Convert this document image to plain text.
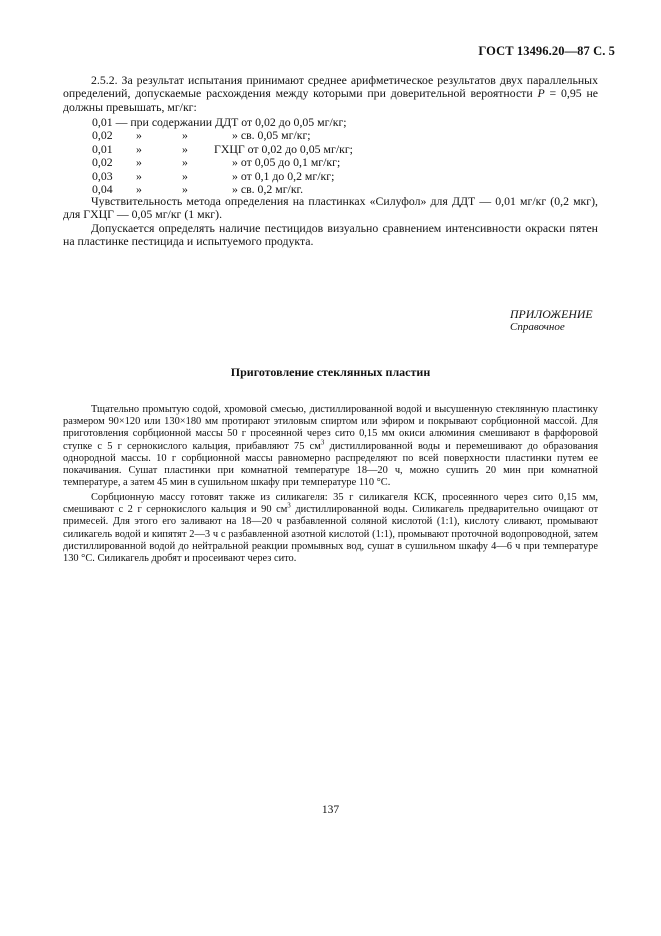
ГОСТ 13496.20—87 С. 5
2.5.2. За результат испытания принимают среднее арифметическое результатов двух параллельных определений, допускаемые расхождения между которыми при доверительной вероятности P = 0,95 не должны превышать, мг/кг:
0,01 — при содержании ДДТ от 0,02 до 0,05 мг/кг;
0,02 »	»	» св. 0,05 мг/кг;
0,01 »	» ГХЦГ от 0,02 до 0,05 мг/кг;
0,02 »	»	» от 0,05 до 0,1 мг/кг;
0,03 »	»	» от 0,1 до 0,2 мг/кг;
0,04 »	»	» св. 0,2 мг/кг.
Чувствительность метода определения на пластинках «Силуфол» для ДДТ — 0,01 мг/кг (0,2 мкг), для ГХЦГ — 0,05 мг/кг (1 мкг).
Допускается определять наличие пестицидов визуально сравнением интенсивности окраски пятен на пластинке пестицида и испытуемого продукта.
ПРИЛОЖЕНИЕ
Справочное
Приготовление стеклянных пластин
Тщательно промытую содой, хромовой смесью, дистиллированной водой и высушенную стеклянную пластинку размером 90×120 или 130×180 мм протирают этиловым спиртом или эфиром и покрывают сорбционной массой. Для приготовления сорбционной массы 50 г просеянной через сито 0,15 мм окиси алюминия смешивают в фарфоровой ступке с 5 г сернокислого кальция, прибавляют 75 $см^3$ дистиллированной воды и перемешивают до образования однородной массы. 10 г сорбционной массы равномерно распределяют по всей поверхности пластинки путем ее покачивания. Сушат пластинки при комнатной температуре 18—20 ч, можно сушить 20 мин при комнатной температуре, а затем 45 мин в сушильном шкафу при температуре 110 °С.
Сорбционную массу готовят также из силикагеля: 35 г силикагеля КСК, просеянного через сито 0,15 мм, смешивают с 2 г сернокислого кальция и 90 $см^3$ дистиллированной воды. Силикагель предварительно очищают от примесей. Для этого его заливают на 18—20 ч разбавленной соляной кислотой (1:1), кислоту сливают, промывают силикагель водой и кипятят 2—3 ч с разбавленной азотной кислотой (1:1), промывают проточной водопроводной, затем дистиллированной водой до нейтральной реакции промывных вод, сушат в сушильном шкафу 4—6 ч при температуре 130 °С. Силикагель дробят и просеивают через сито.
137
